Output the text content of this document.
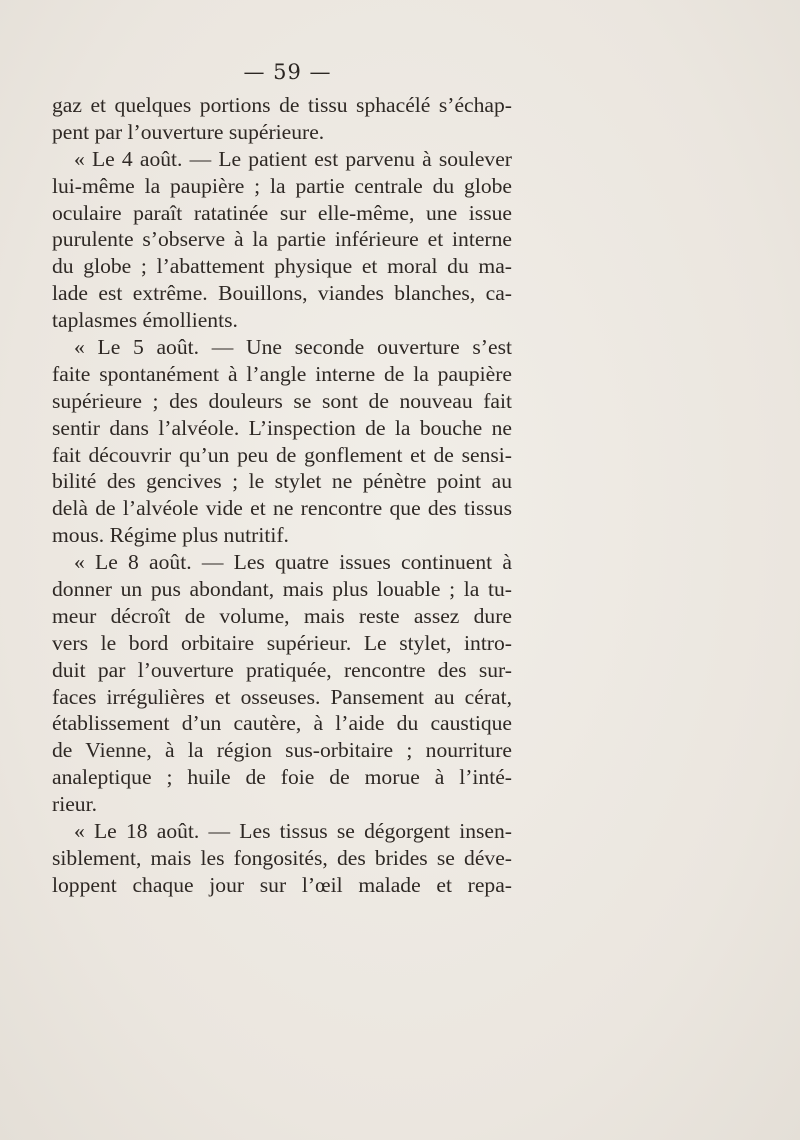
— 59 —
gaz et quelques portions de tissu sphacélé s’échap-
pent par l’ouverture supérieure.
« Le 4 août. — Le patient est parvenu à soulever
lui-même la paupière ; la partie centrale du globe
oculaire paraît ratatinée sur elle-même, une issue
purulente s’observe à la partie inférieure et interne
du globe ; l’abattement physique et moral du ma-
lade est extrême. Bouillons, viandes blanches, ca-
taplasmes émollients.
« Le 5 août. — Une seconde ouverture s’est
faite spontanément à l’angle interne de la paupière
supérieure ; des douleurs se sont de nouveau fait
sentir dans l’alvéole. L’inspection de la bouche ne
fait découvrir qu’un peu de gonflement et de sensi-
bilité des gencives ; le stylet ne pénètre point au
delà de l’alvéole vide et ne rencontre que des tissus
mous. Régime plus nutritif.
« Le 8 août. — Les quatre issues continuent à
donner un pus abondant, mais plus louable ; la tu-
meur décroît de volume, mais reste assez dure
vers le bord orbitaire supérieur. Le stylet, intro-
duit par l’ouverture pratiquée, rencontre des sur-
faces irrégulières et osseuses. Pansement au cérat,
établissement d’un cautère, à l’aide du caustique
de Vienne, à la région sus-orbitaire ; nourriture
analeptique ; huile de foie de morue à l’inté-
rieur.
« Le 18 août. — Les tissus se dégorgent insen-
siblement, mais les fongosités, des brides se déve-
loppent chaque jour sur l’œil malade et repa-
